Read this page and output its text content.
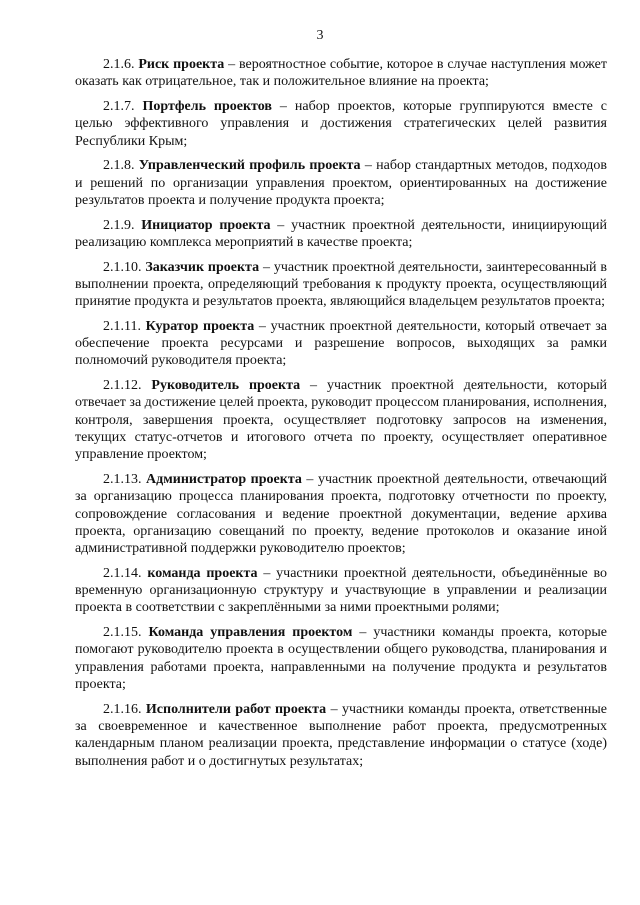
3

2.1.6. Риск проекта – вероятностное событие, которое в случае наступления может оказать как отрицательное, так и положительное влияние на проекта;

2.1.7. Портфель проектов – набор проектов, которые группируются вместе с целью эффективного управления и достижения стратегических целей развития Республики Крым;

2.1.8. Управленческий профиль проекта – набор стандартных методов, подходов и решений по организации управления проектом, ориентированных на достижение результатов проекта и получение продукта проекта;

2.1.9. Инициатор проекта – участник проектной деятельности, инициирующий реализацию комплекса мероприятий в качестве проекта;

2.1.10. Заказчик проекта – участник проектной деятельности, заинтересованный в выполнении проекта, определяющий требования к продукту проекта, осуществляющий принятие продукта и результатов проекта, являющийся владельцем результатов проекта;

2.1.11. Куратор проекта – участник проектной деятельности, который отвечает за обеспечение проекта ресурсами и разрешение вопросов, выходящих за рамки полномочий руководителя проекта;

2.1.12. Руководитель проекта – участник проектной деятельности, который отвечает за достижение целей проекта, руководит процессом планирования, исполнения, контроля, завершения проекта, осуществляет подготовку запросов на изменения, текущих статус-отчетов и итогового отчета по проекту, осуществляет оперативное управление проектом;

2.1.13. Администратор проекта – участник проектной деятельности, отвечающий за организацию процесса планирования проекта, подготовку отчетности по проекту, сопровождение согласования и ведение проектной документации, ведение архива проекта, организацию совещаний по проекту, ведение протоколов и оказание иной административной поддержки руководителю проектов;

2.1.14. команда проекта – участники проектной деятельности, объединённые во временную организационную структуру и участвующие в управлении и реализации проекта в соответствии с закреплёнными за ними проектными ролями;

2.1.15. Команда управления проектом – участники команды проекта, которые помогают руководителю проекта в осуществлении общего руководства, планирования и управления работами проекта, направленными на получение продукта и результатов проекта;

2.1.16. Исполнители работ проекта – участники команды проекта, ответственные за своевременное и качественное выполнение работ проекта, предусмотренных календарным планом реализации проекта, представление информации о статусе (ходе) выполнения работ и о достигнутых результатах;
